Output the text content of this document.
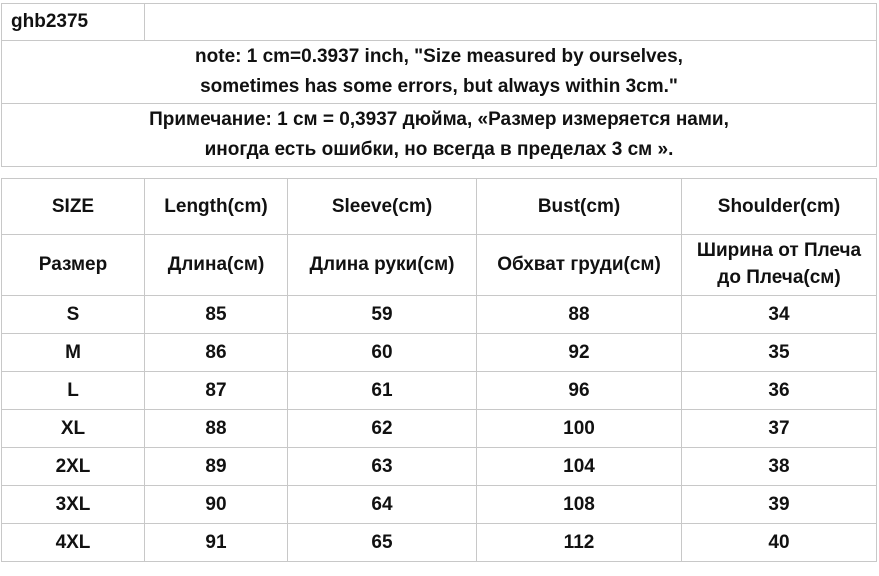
ghb2375	
note: 1 cm=0.3937 inch, "Size measured by ourselves,
sometimes has some errors, but always within 3cm."
Примечание: 1 см = 0,3937 дюйма, «Размер измеряется нами,
иногда есть ошибки, но всегда в пределах 3 см ».
SIZE	Length(cm)	Sleeve(cm)	Bust(cm)	Shoulder(cm)
Размер	Длина(см)	Длина руки(см)	Обхват груди(см)	Ширина от Плеча
до Плеча(см)
S	85	59	88	34
M	86	60	92	35
L	87	61	96	36
XL	88	62	100	37
2XL	89	63	104	38
3XL	90	64	108	39
4XL	91	65	112	40
